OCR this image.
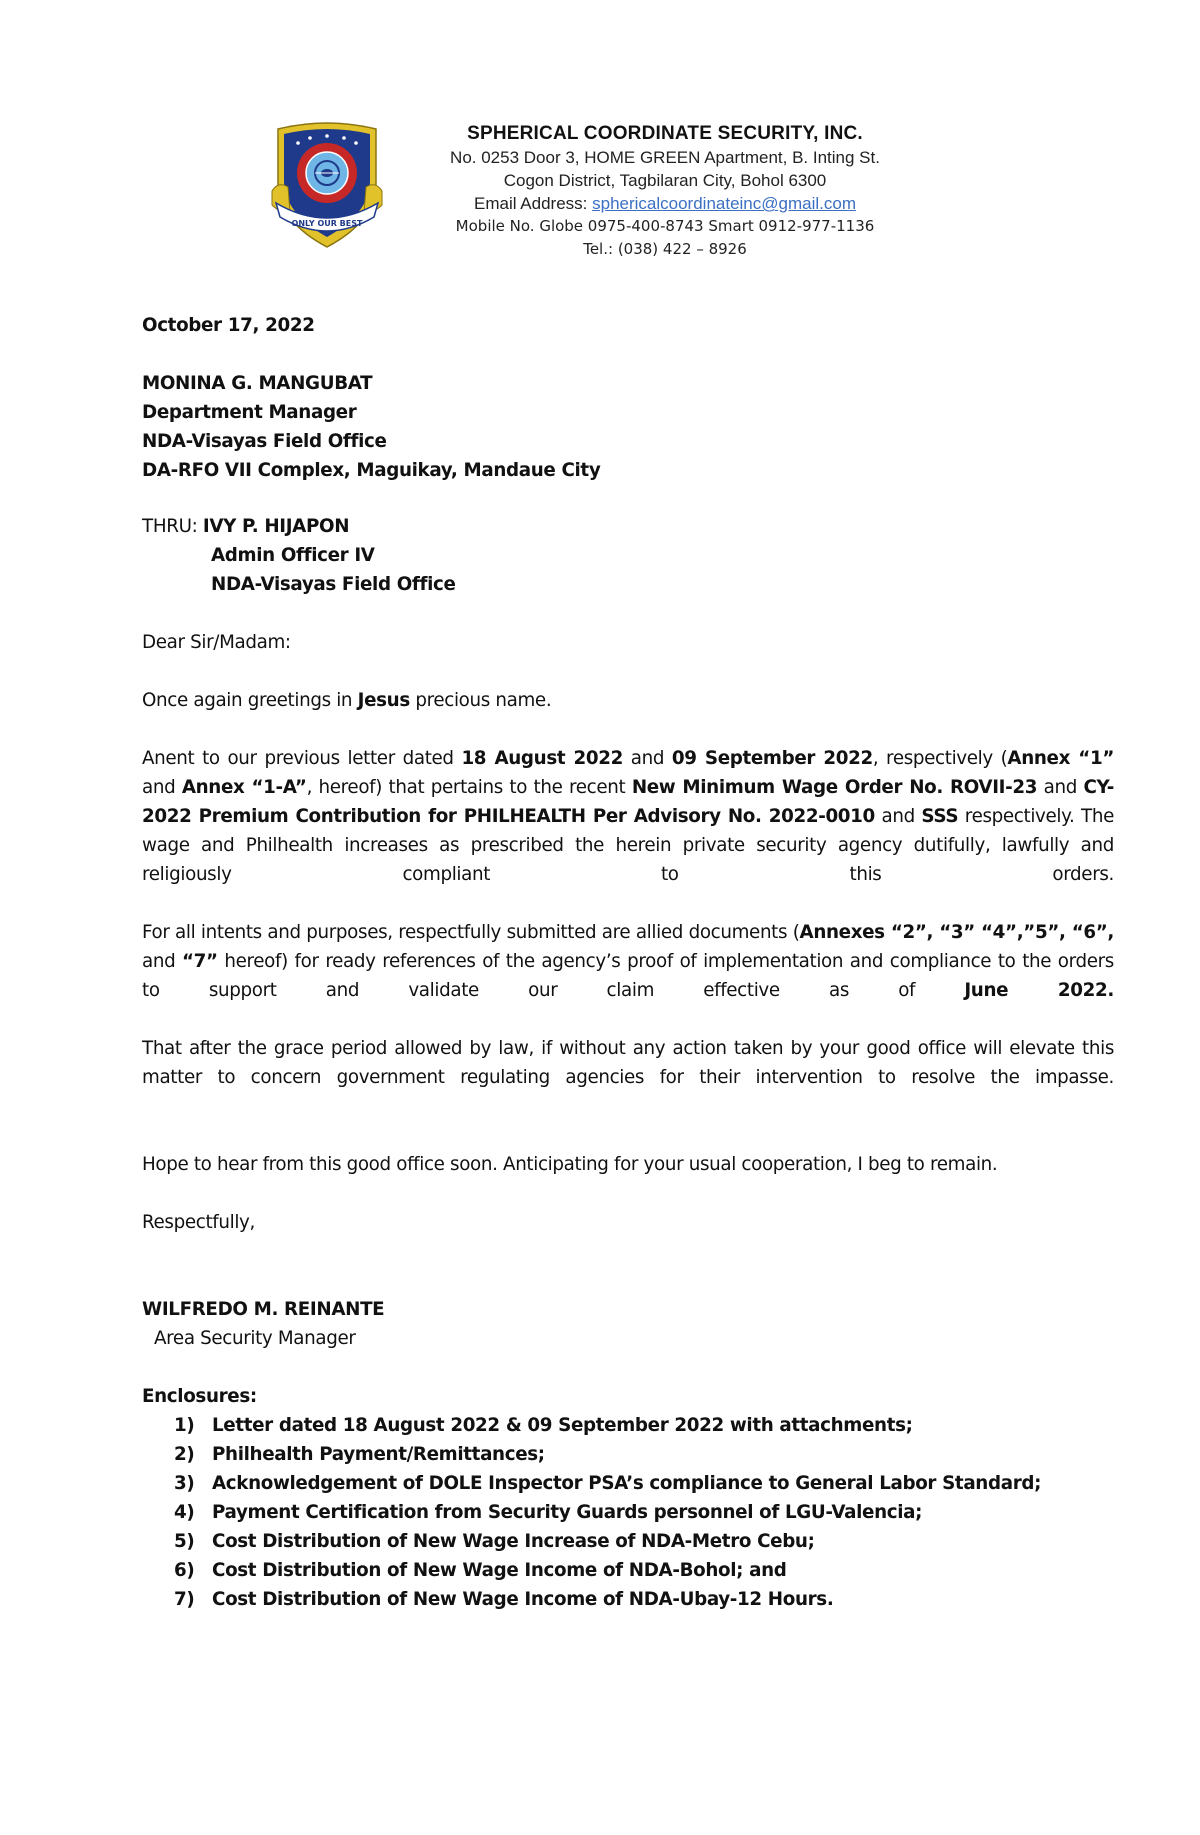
ONLY OUR BEST
SPHERICAL COORDINATE SECURITY, INC.
No. 0253 Door 3, HOME GREEN Apartment, B. Inting St.
Cogon District, Tagbilaran City, Bohol 6300
Email Address: sphericalcoordinateinc@gmail.com
Mobile No. Globe 0975-400-8743 Smart 0912-977-1136
Tel.: (038) 422 – 8926
October 17, 2022
MONINA G. MANGUBAT
Department Manager
NDA-Visayas Field Office
DA-RFO VII Complex, Maguikay, Mandaue City
THRU: IVY P. HIJAPON
Admin Officer IV
NDA-Visayas Field Office
Dear Sir/Madam:
Once again greetings in Jesus precious name.

Anent to our previous letter dated 18 August 2022 and 09 September 2022, respectively (Annex “1” and Annex “1-A”, hereof) that pertains to the recent New Minimum Wage Order No. ROVII-23 and CY-2022 Premium Contribution for PHILHEALTH Per Advisory No. 2022-0010 and SSS respectively. The wage and Philhealth increases as prescribed the herein private security agency dutifully, lawfully and religiously compliant to this orders.

For all intents and purposes, respectfully submitted are allied documents (Annexes “2”, “3” “4”,”5”, “6”, and “7” hereof) for ready references of the agency’s proof of implementation and compliance to the orders to support and validate our claim effective as of June 2022.

That after the grace period allowed by law, if without any action taken by your good office will elevate this matter to concern government regulating agencies for their intervention to resolve the impasse.

Hope to hear from this good office soon. Anticipating for your usual cooperation, I beg to remain.
Respectfully,
WILFREDO M. REINANTE
Area Security Manager
Enclosures:
1) Letter dated 18 August 2022 & 09 September 2022 with attachments;
2) Philhealth Payment/Remittances;
3) Acknowledgement of DOLE Inspector PSA’s compliance to General Labor Standard;
4) Payment Certification from Security Guards personnel of LGU-Valencia;
5) Cost Distribution of New Wage Increase of NDA-Metro Cebu;
6) Cost Distribution of New Wage Income of NDA-Bohol; and
7) Cost Distribution of New Wage Income of NDA-Ubay-12 Hours.
